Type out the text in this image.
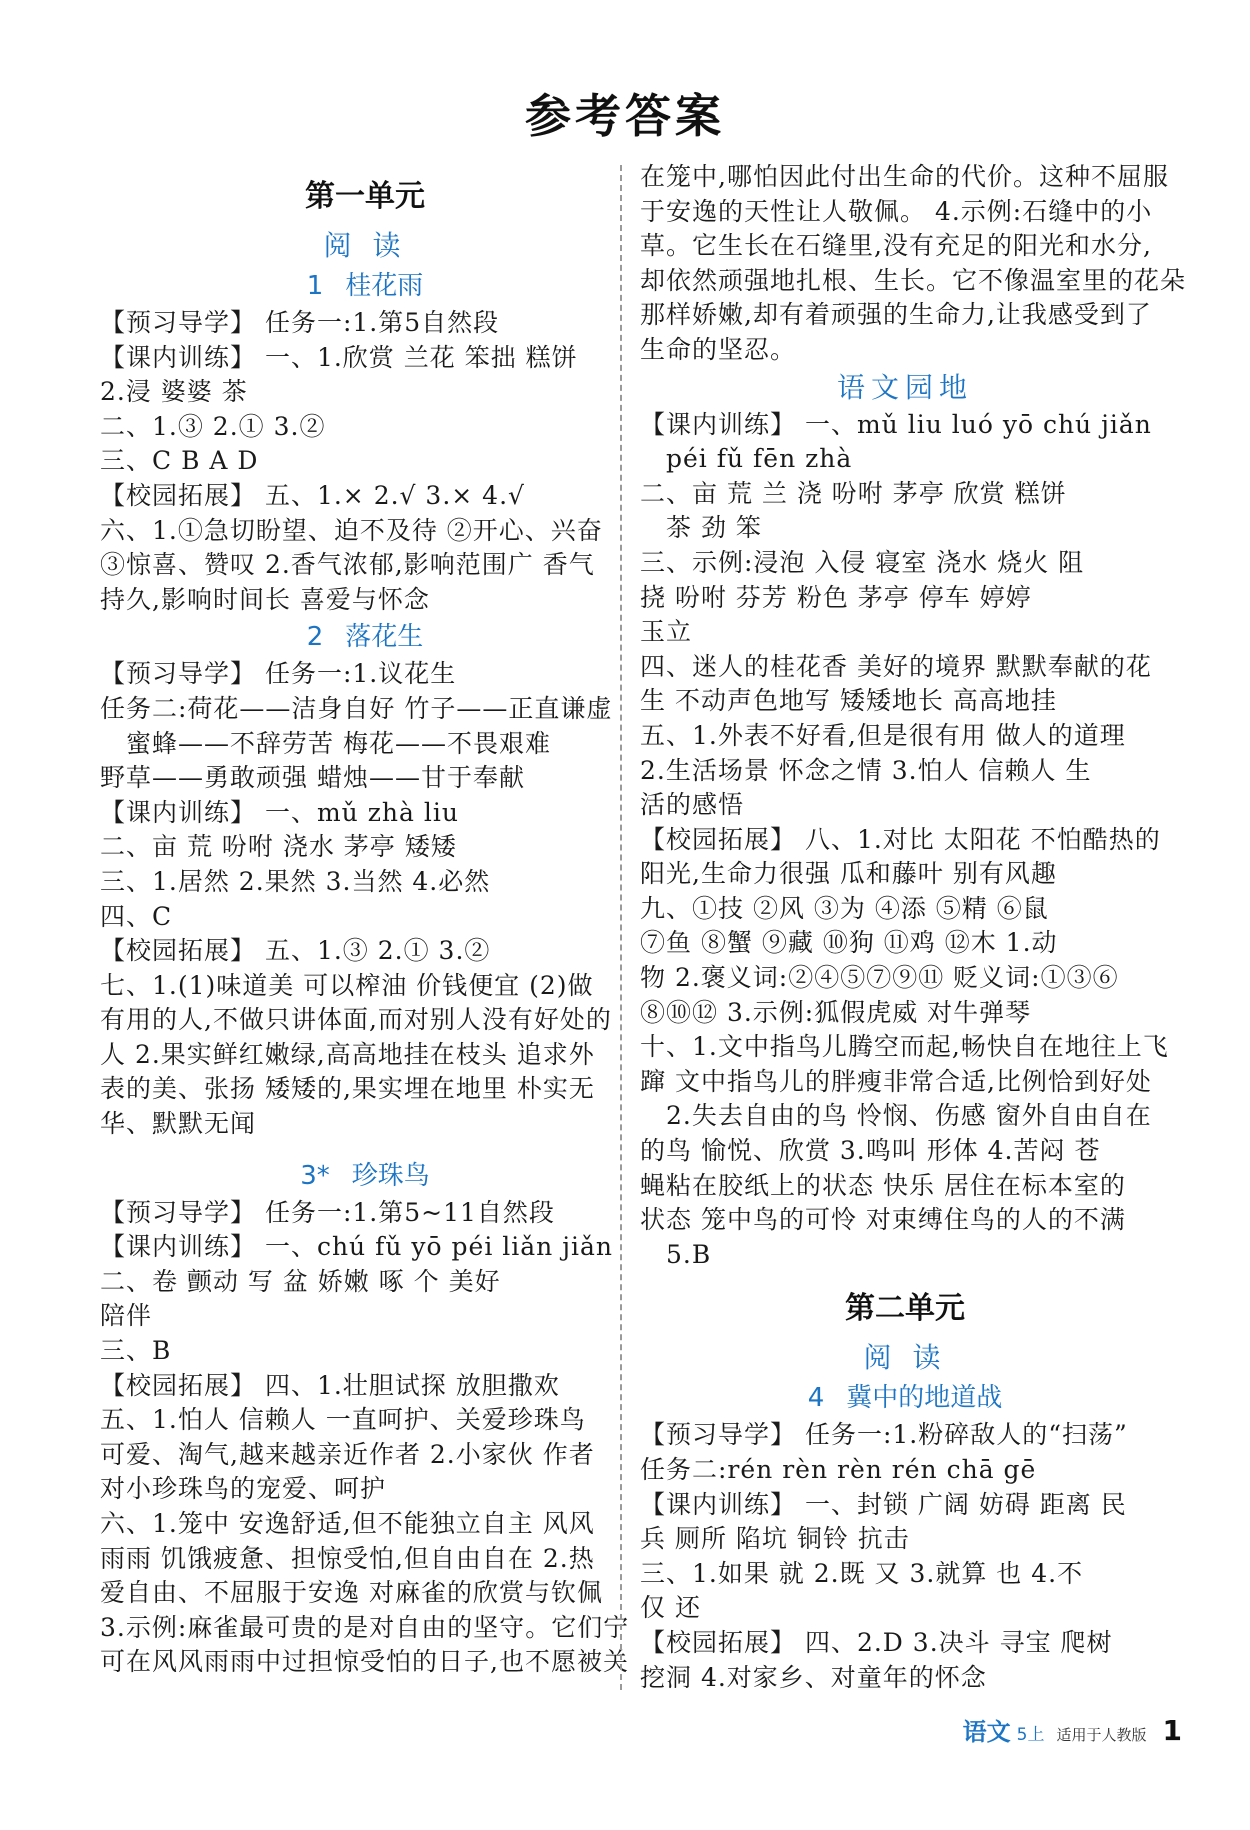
参考答案
第一单元
阅 读
1 桂花雨
【预习导学】 任务一:1.第5自然段
【课内训练】 一、1.欣赏 兰花 笨拙 糕饼
2.浸 婆婆 茶
二、1.③ 2.① 3.②
三、C B A D
【校园拓展】 五、1.× 2.√ 3.× 4.√
六、1.①急切盼望、迫不及待 ②开心、兴奋
③惊喜、赞叹 2.香气浓郁,影响范围广 香气
持久,影响时间长 喜爱与怀念
2 落花生
【预习导学】 任务一:1.议花生
任务二:荷花——洁身自好 竹子——正直谦虚
蜜蜂——不辞劳苦 梅花——不畏艰难
野草——勇敢顽强 蜡烛——甘于奉献
【课内训练】 一、mǔ zhà liu
二、亩 荒 吩咐 浇水 茅亭 矮矮
三、1.居然 2.果然 3.当然 4.必然
四、C
【校园拓展】 五、1.③ 2.① 3.②
七、1.(1)味道美 可以榨油 价钱便宜 (2)做
有用的人,不做只讲体面,而对别人没有好处的
人 2.果实鲜红嫩绿,高高地挂在枝头 追求外
表的美、张扬 矮矮的,果实埋在地里 朴实无
华、默默无闻
3* 珍珠鸟
【预习导学】 任务一:1.第5~11自然段
【课内训练】 一、chú fǔ yō péi liǎn jiǎn
二、卷 颤动 写 盆 娇嫩 啄 个 美好
陪伴
三、B
【校园拓展】 四、1.壮胆试探 放胆撒欢
五、1.怕人 信赖人 一直呵护、关爱珍珠鸟
可爱、淘气,越来越亲近作者 2.小家伙 作者
对小珍珠鸟的宠爱、呵护
六、1.笼中 安逸舒适,但不能独立自主 风风
雨雨 饥饿疲惫、担惊受怕,但自由自在 2.热
爱自由、不屈服于安逸 对麻雀的欣赏与钦佩
3.示例:麻雀最可贵的是对自由的坚守。它们宁
可在风风雨雨中过担惊受怕的日子,也不愿被关
在笼中,哪怕因此付出生命的代价。这种不屈服
于安逸的天性让人敬佩。 4.示例:石缝中的小
草。它生长在石缝里,没有充足的阳光和水分,
却依然顽强地扎根、生长。它不像温室里的花朵
那样娇嫩,却有着顽强的生命力,让我感受到了
生命的坚忍。
语文园地
【课内训练】 一、mǔ liu luó yō chú jiǎn
péi fǔ fēn zhà
二、亩 荒 兰 浇 吩咐 茅亭 欣赏 糕饼
茶 劲 笨
三、示例:浸泡 入侵 寝室 浇水 烧火 阻
挠 吩咐 芬芳 粉色 茅亭 停车 婷婷
玉立
四、迷人的桂花香 美好的境界 默默奉献的花
生 不动声色地写 矮矮地长 高高地挂
五、1.外表不好看,但是很有用 做人的道理
2.生活场景 怀念之情 3.怕人 信赖人 生
活的感悟
【校园拓展】 八、1.对比 太阳花 不怕酷热的
阳光,生命力很强 瓜和藤叶 别有风趣
九、①技 ②风 ③为 ④添 ⑤精 ⑥鼠
⑦鱼 ⑧蟹 ⑨藏 ⑩狗 ⑪鸡 ⑫木 1.动
物 2.褒义词:②④⑤⑦⑨⑪ 贬义词:①③⑥
⑧⑩⑫ 3.示例:狐假虎威 对牛弹琴
十、1.文中指鸟儿腾空而起,畅快自在地往上飞
蹿 文中指鸟儿的胖瘦非常合适,比例恰到好处
2.失去自由的鸟 怜悯、伤感 窗外自由自在
的鸟 愉悦、欣赏 3.鸣叫 形体 4.苦闷 苍
蝇粘在胶纸上的状态 快乐 居住在标本室的
状态 笼中鸟的可怜 对束缚住鸟的人的不满
5.B
第二单元
阅 读
4 冀中的地道战
【预习导学】 任务一:1.粉碎敌人的“扫荡”
任务二:rén rèn rèn rén chā gē
【课内训练】 一、封锁 广阔 妨碍 距离 民
兵 厕所 陷坑 铜铃 抗击
三、1.如果 就 2.既 又 3.就算 也 4.不
仅 还
【校园拓展】 四、2.D 3.决斗 寻宝 爬树
挖洞 4.对家乡、对童年的怀念
语文 5上 适用于人教版 1
